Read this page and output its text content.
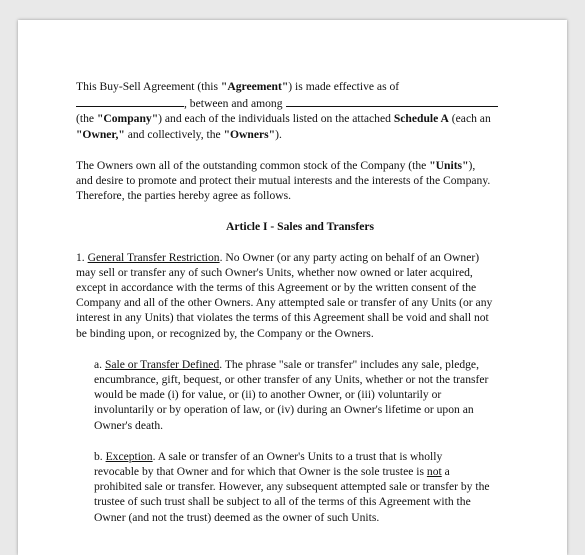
This Buy-Sell Agreement (this "Agreement") is made effective as of
, between and among
(the "Company") and each of the individuals listed on the attached Schedule A (each an
"Owner," and collectively, the "Owners").

The Owners own all of the outstanding common stock of the Company (the "Units"),
and desire to promote and protect their mutual interests and the interests of the Company.
Therefore, the parties hereby agree as follows.

Article I - Sales and Transfers

1. General Transfer Restriction. No Owner (or any party acting on behalf of an Owner)
may sell or transfer any of such Owner's Units, whether now owned or later acquired,
except in accordance with the terms of this Agreement or by the written consent of the
Company and all of the other Owners. Any attempted sale or transfer of any Units (or any
interest in any Units) that violates the terms of this Agreement shall be void and shall not
be binding upon, or recognized by, the Company or the Owners.

a. Sale or Transfer Defined. The phrase "sale or transfer" includes any sale, pledge,
encumbrance, gift, bequest, or other transfer of any Units, whether or not the transfer
would be made (i) for value, or (ii) to another Owner, or (iii) voluntarily or
involuntarily or by operation of law, or (iv) during an Owner's lifetime or upon an
Owner's death.

b. Exception. A sale or transfer of an Owner's Units to a trust that is wholly
revocable by that Owner and for which that Owner is the sole trustee is not a
prohibited sale or transfer. However, any subsequent attempted sale or transfer by the
trustee of such trust shall be subject to all of the terms of this Agreement with the
Owner (and not the trust) deemed as the owner of such Units.
